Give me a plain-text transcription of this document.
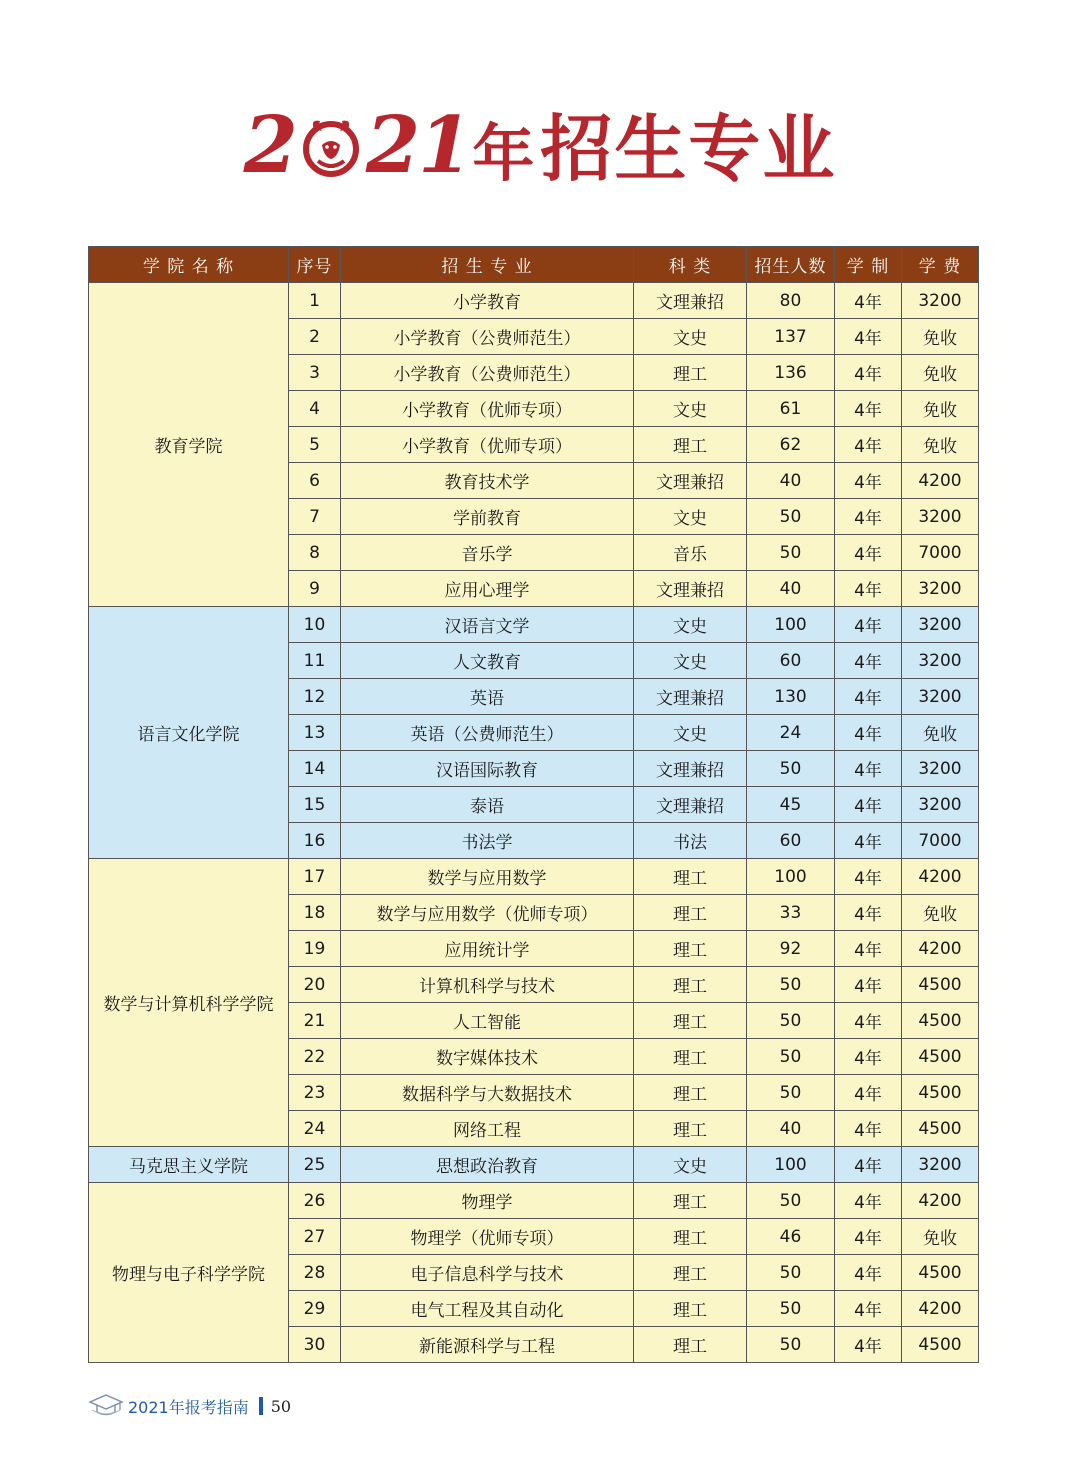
2 2 1 年 招生专业
学 院 名 称	序号	招 生 专 业	科 类	招生人数	学 制	学 费
教育学院	1	小学教育	文理兼招	80	4年	3200
	2	小学教育（公费师范生）	文史	137	4年	免收
	3	小学教育（公费师范生）	理工	136	4年	免收
	4	小学教育（优师专项）	文史	61	4年	免收
	5	小学教育（优师专项）	理工	62	4年	免收
	6	教育技术学	文理兼招	40	4年	4200
	7	学前教育	文史	50	4年	3200
	8	音乐学	音乐	50	4年	7000
	9	应用心理学	文理兼招	40	4年	3200
语言文化学院	10	汉语言文学	文史	100	4年	3200
	11	人文教育	文史	60	4年	3200
	12	英语	文理兼招	130	4年	3200
	13	英语（公费师范生）	文史	24	4年	免收
	14	汉语国际教育	文理兼招	50	4年	3200
	15	泰语	文理兼招	45	4年	3200
	16	书法学	书法	60	4年	7000
数学与计算机科学学院	17	数学与应用数学	理工	100	4年	4200
	18	数学与应用数学（优师专项）	理工	33	4年	免收
	19	应用统计学	理工	92	4年	4200
	20	计算机科学与技术	理工	50	4年	4500
	21	人工智能	理工	50	4年	4500
	22	数字媒体技术	理工	50	4年	4500
	23	数据科学与大数据技术	理工	50	4年	4500
	24	网络工程	理工	40	4年	4500
马克思主义学院	25	思想政治教育	文史	100	4年	3200
物理与电子科学学院	26	物理学	理工	50	4年	4200
	27	物理学（优师专项）	理工	46	4年	免收
	28	电子信息科学与技术	理工	50	4年	4500
	29	电气工程及其自动化	理工	50	4年	4200
	30	新能源科学与工程	理工	50	4年	4500
2021年报考指南 50
